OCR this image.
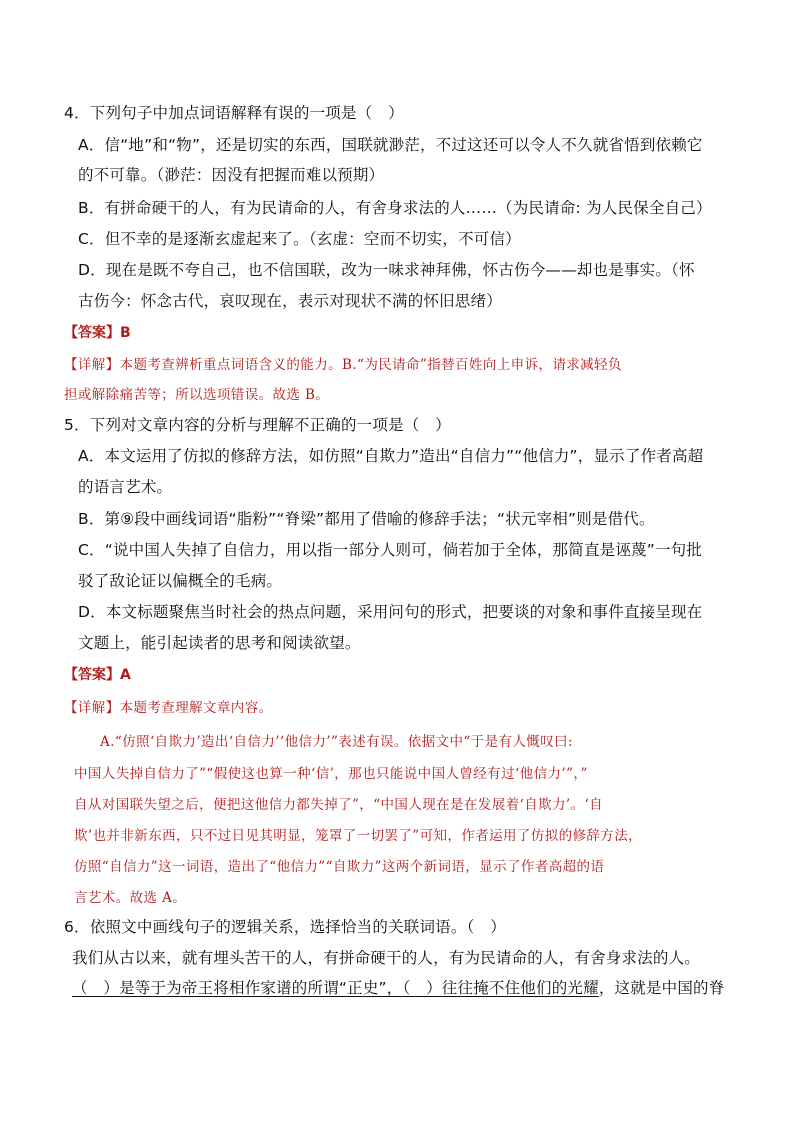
4．下列句子中加点词语解释有误的一项是（　）
A．信“地”和“物”，还是切实的东西，国联就渺茫，不过这还可以令人不久就省悟到依赖它
的不可靠。（渺茫：因没有把握而难以预期）
B．有拼命硬干的人，有为民请命的人，有舍身求法的人……（为民请命: 为人民保全自己）
C．但不幸的是逐渐玄虚起来了。（玄虚：空而不切实，不可信）
D．现在是既不夸自己，也不信国联，改为一味求神拜佛，怀古伤今——却也是事实。（怀
古伤今：怀念古代，哀叹现在，表示对现状不满的怀旧思绪）
【答案】B
【详解】本题考查辨析重点词语含义的能力。B.“为民请命”指替百姓向上申诉，请求减轻负
担或解除痛苦等；所以选项错误。故选 B。
5．下列对文章内容的分析与理解不正确的一项是（　）
A．本文运用了仿拟的修辞方法，如仿照“自欺力”造出“自信力”“他信力”，显示了作者高超
的语言艺术。
B．第⑨段中画线词语“脂粉”“脊梁”都用了借喻的修辞手法；“状元宰相”则是借代。
C．“说中国人失掉了自信力，用以指一部分人则可，倘若加于全体，那简直是诬蔑”一句批
驳了敌论证以偏概全的毛病。
D．本文标题聚焦当时社会的热点问题，采用问句的形式，把要谈的对象和事件直接呈现在
文题上，能引起读者的思考和阅读欲望。
【答案】A
【详解】本题考查理解文章内容。
A.“仿照‘自欺力’造出‘自信力’‘他信力’”表述有误。依据文中“于是有人慨叹曰:
中国人失掉自信力了”“假使这也算一种‘信’，那也只能说中国人曾经有过‘他信力’”，”
自从对国联失望之后，便把这他信力都失掉了”，“中国人现在是在发展着‘自欺力’。‘自
欺’也并非新东西，只不过日见其明显，笼罩了一切罢了”可知，作者运用了仿拟的修辞方法，
仿照“自信力”这一词语，造出了“他信力”“自欺力”这两个新词语，显示了作者高超的语
言艺术。故选 A。
6．依照文中画线句子的逻辑关系，选择恰当的关联词语。（　）
我们从古以来，就有埋头苦干的人，有拼命硬干的人，有为民请命的人，有舍身求法的人。
（　）是等于为帝王将相作家谱的所谓“正史”，（　）往往掩不住他们的光耀，这就是中国的脊
